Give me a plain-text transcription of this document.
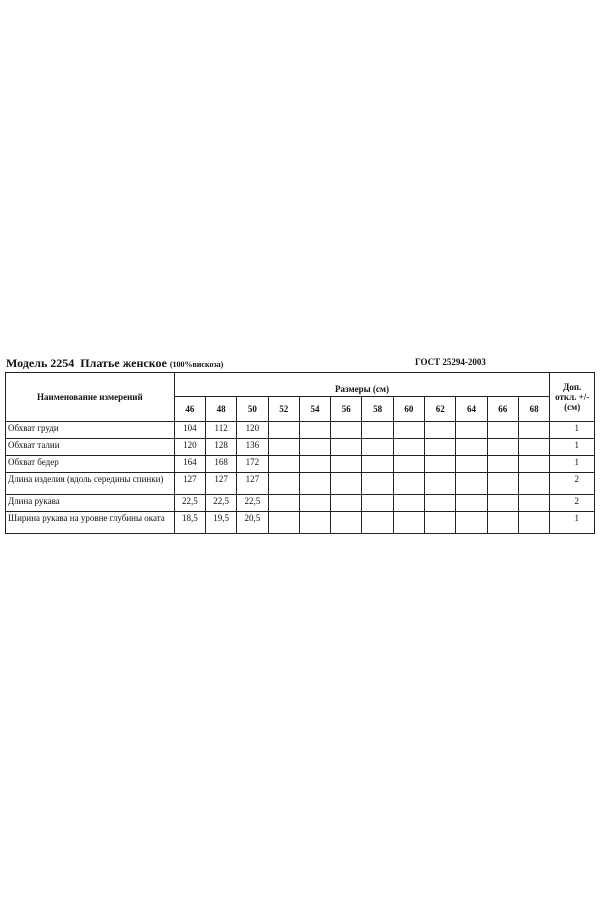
Модель 2254 Платье женское (100%вискоза)	ГОСТ 25294-2003
Наименование измерений	Размеры (см)												Доп. откл. +/- (см)
	46	48	50	52	54	56	58	60	62	64	66	68	
Обхват груди	104	112	120										1
Обхват талии	120	128	136										1
Обхват бедер	164	168	172										1
Длина изделия (вдоль середины спинки)	127	127	127										2
Длина рукава	22,5	22,5	22,5										2
Ширина рукава на уровне глубины оката	18,5	19,5	20,5										1
